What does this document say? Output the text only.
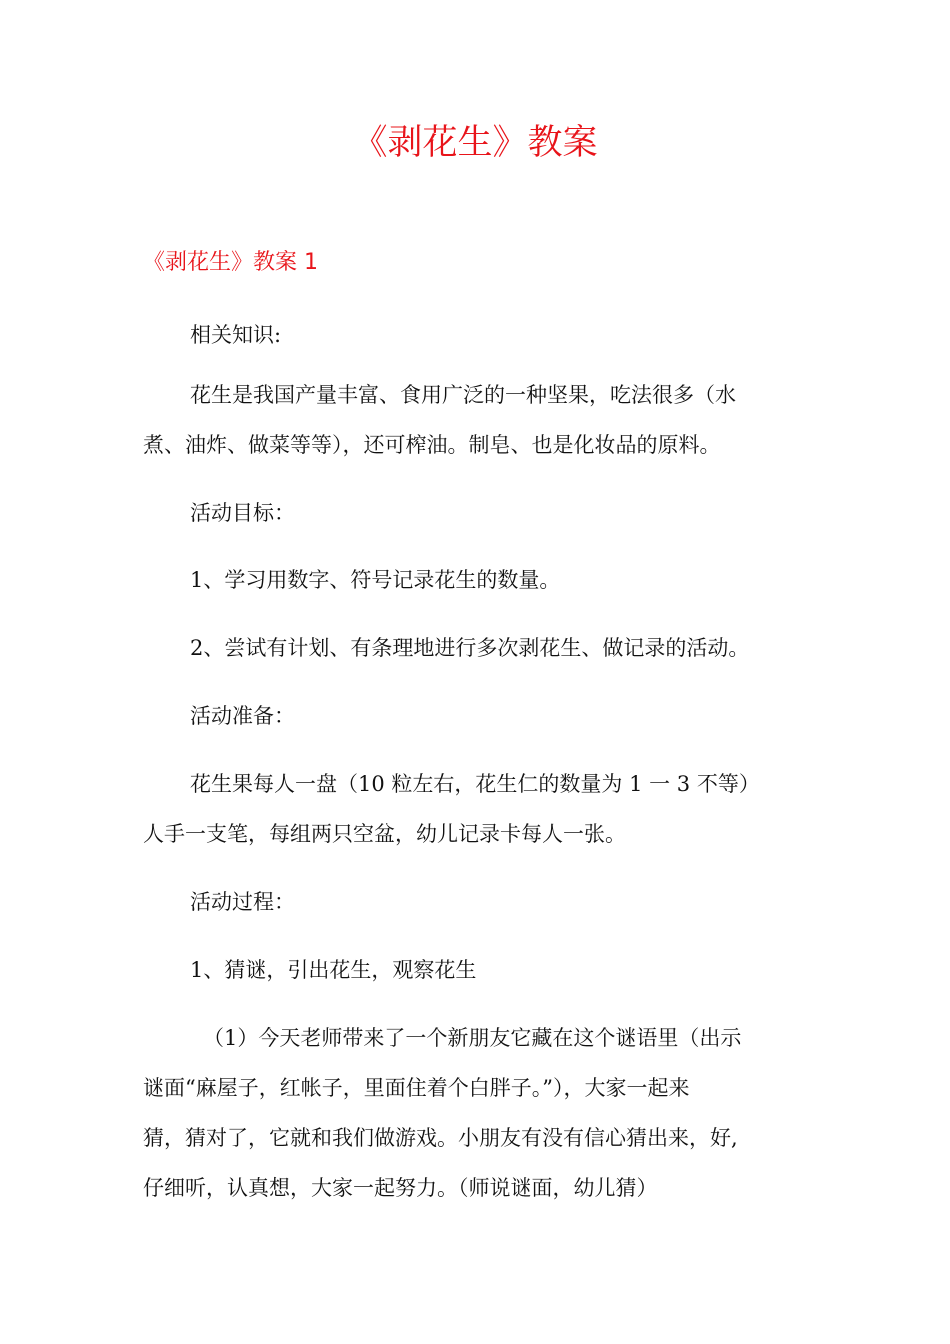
《剥花生》教案
《剥花生》教案 1

相关知识:

花生是我国产量丰富、食用广泛的一种坚果，吃法很多（水
煮、油炸、做菜等等），还可榨油。制皂、也是化妆品的原料。

活动目标：

1、学习用数字、符号记录花生的数量。

2、尝试有计划、有条理地进行多次剥花生、做记录的活动。

活动准备：

花生果每人一盘（10 粒左右，花生仁的数量为 1 一 3 不等）
人手一支笔，每组两只空盆，幼儿记录卡每人一张。

活动过程：

1、猜谜，引出花生，观察花生

（1）今天老师带来了一个新朋友它藏在这个谜语里（出示
谜面“麻屋子，红帐子，里面住着个白胖子。”），大家一起来
猜，猜对了，它就和我们做游戏。小朋友有没有信心猜出来，好,
仔细听，认真想，大家一起努力。（师说谜面，幼儿猜）
